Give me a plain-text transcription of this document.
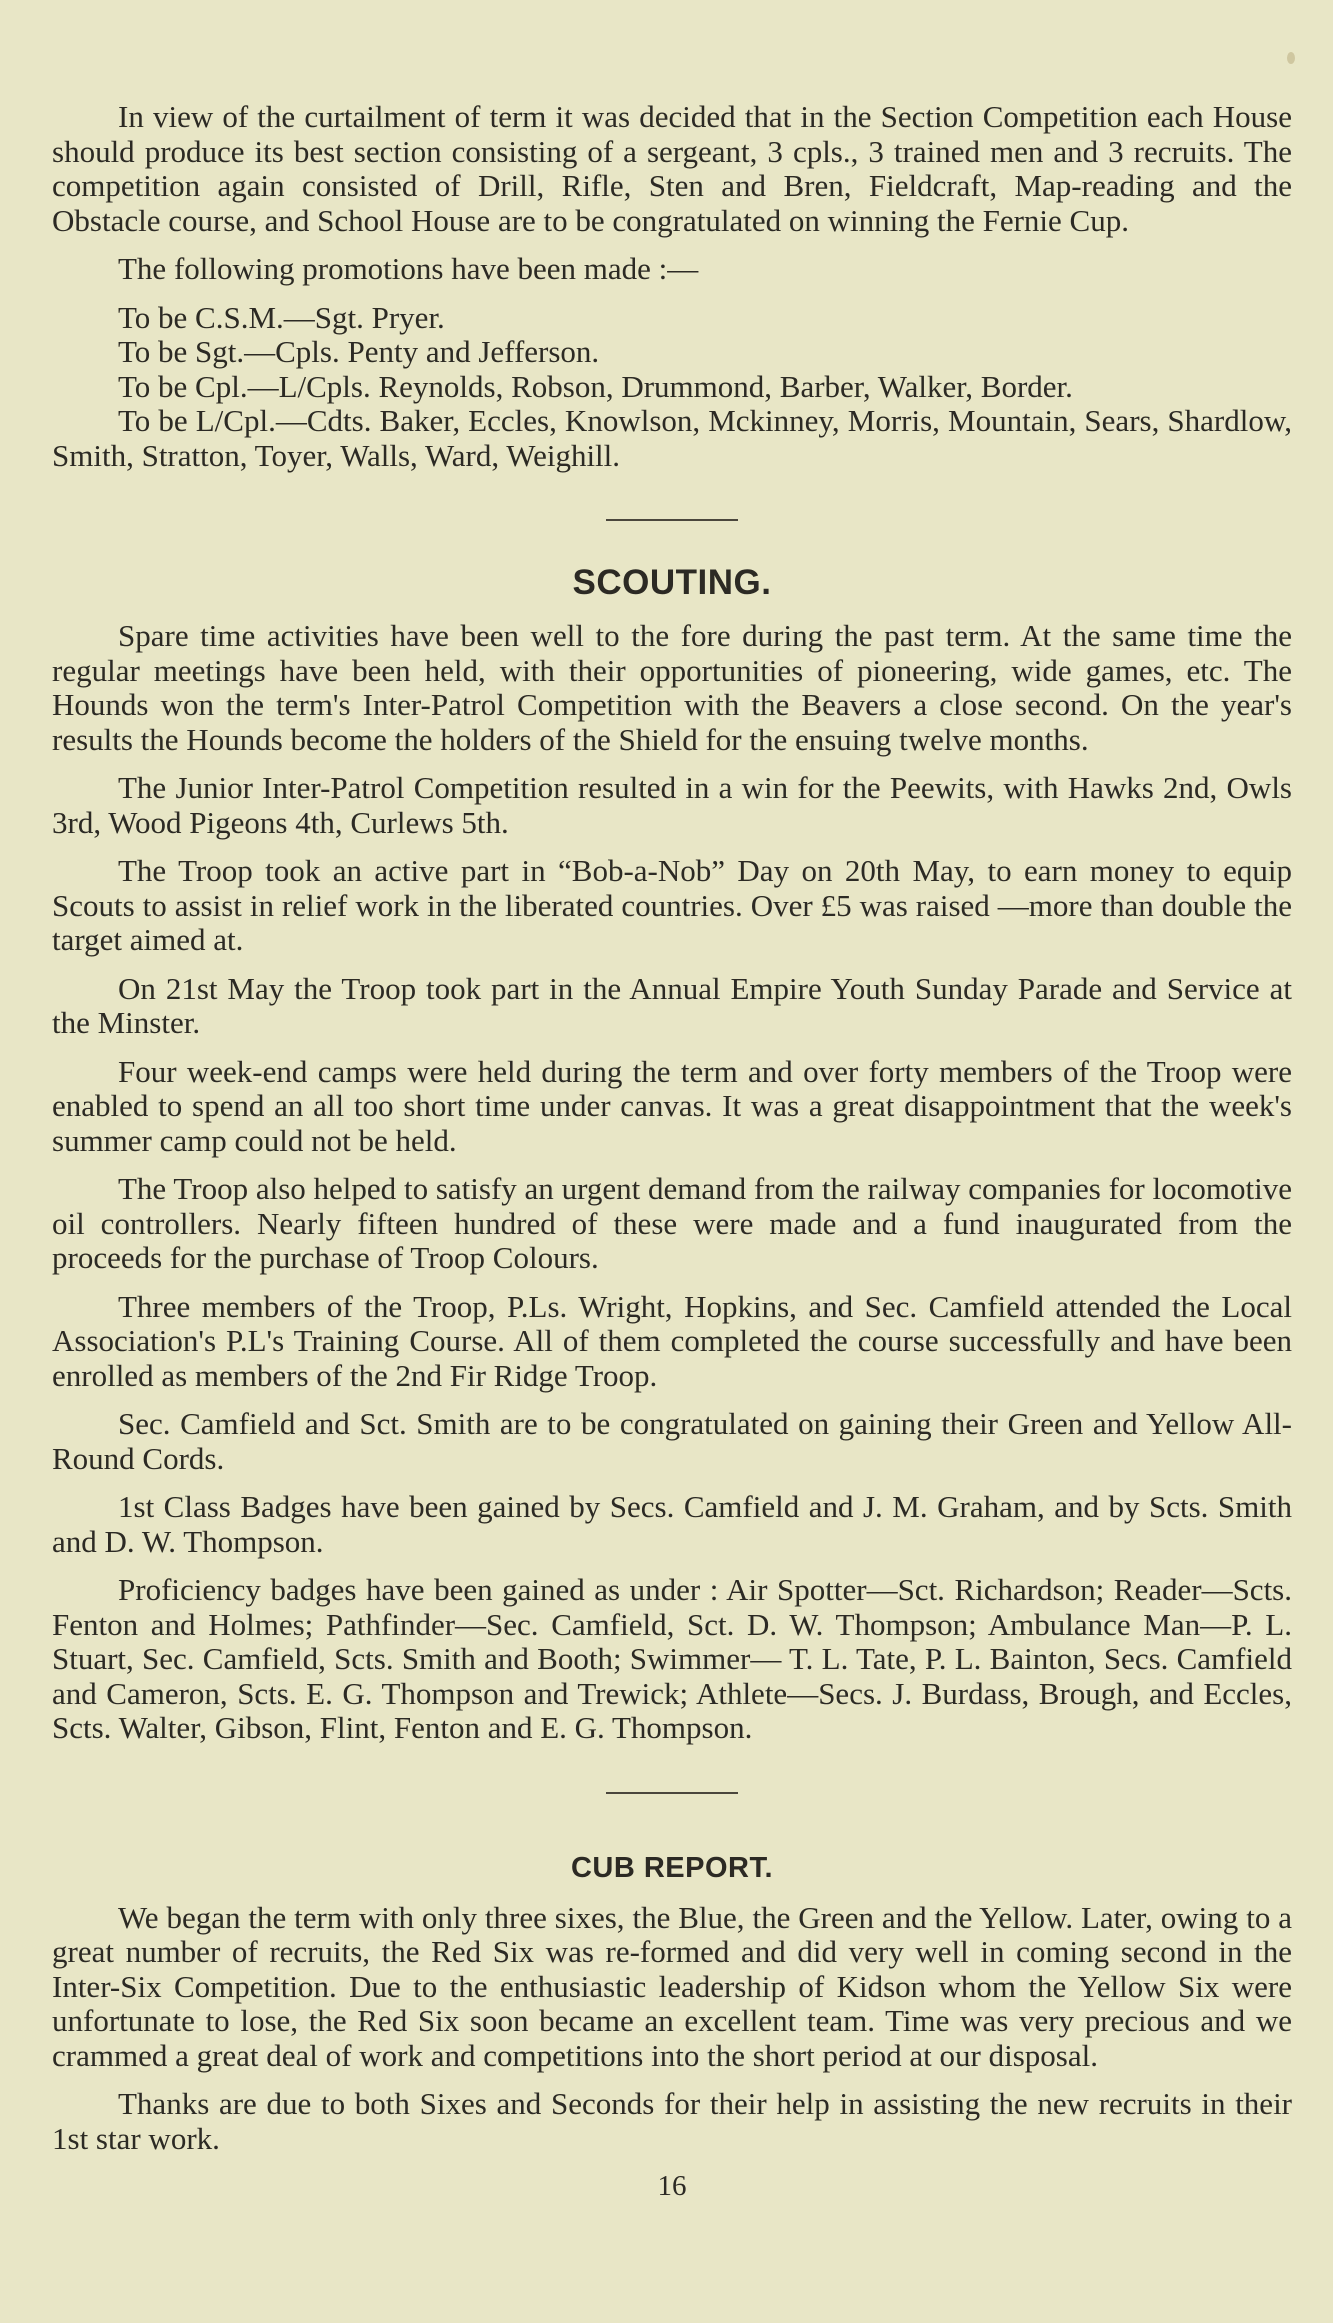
In view of the curtailment of term it was decided that in the Section Competition each House should produce its best section consisting of a sergeant, 3 cpls., 3 trained men and 3 recruits. The competition again consisted of Drill, Rifle, Sten and Bren, Fieldcraft, Map-reading and the Obstacle course, and School House are to be congratulated on winning the Fernie Cup.

The following promotions have been made :—

To be C.S.M.—Sgt. Pryer.

To be Sgt.—Cpls. Penty and Jefferson.

To be Cpl.—L/Cpls. Reynolds, Robson, Drummond, Barber, Walker, Border.

To be L/Cpl.—Cdts. Baker, Eccles, Knowlson, Mckinney, Morris, Mountain, Sears, Shardlow, Smith, Stratton, Toyer, Walls, Ward, Weighill.

SCOUTING.

Spare time activities have been well to the fore during the past term. At the same time the regular meetings have been held, with their opportunities of pioneering, wide games, etc. The Hounds won the term's Inter-Patrol Competition with the Beavers a close second. On the year's results the Hounds become the holders of the Shield for the ensuing twelve months.

The Junior Inter-Patrol Competition resulted in a win for the Peewits, with Hawks 2nd, Owls 3rd, Wood Pigeons 4th, Curlews 5th.

The Troop took an active part in “Bob-a-Nob” Day on 20th May, to earn money to equip Scouts to assist in relief work in the liberated countries. Over £5 was raised —more than double the target aimed at.

On 21st May the Troop took part in the Annual Empire Youth Sunday Parade and Service at the Minster.

Four week-end camps were held during the term and over forty members of the Troop were enabled to spend an all too short time under canvas. It was a great disappointment that the week's summer camp could not be held.

The Troop also helped to satisfy an urgent demand from the railway companies for locomotive oil controllers. Nearly fifteen hundred of these were made and a fund inaugurated from the proceeds for the purchase of Troop Colours.

Three members of the Troop, P.Ls. Wright, Hopkins, and Sec. Camfield attended the Local Association's P.L's Training Course. All of them completed the course successfully and have been enrolled as members of the 2nd Fir Ridge Troop.

Sec. Camfield and Sct. Smith are to be congratulated on gaining their Green and Yellow All-Round Cords.

1st Class Badges have been gained by Secs. Camfield and J. M. Graham, and by Scts. Smith and D. W. Thompson.

Proficiency badges have been gained as under : Air Spotter—Sct. Richardson; Reader—Scts. Fenton and Holmes; Pathfinder—Sec. Camfield, Sct. D. W. Thompson; Ambulance Man—P. L. Stuart, Sec. Camfield, Scts. Smith and Booth; Swimmer— T. L. Tate, P. L. Bainton, Secs. Camfield and Cameron, Scts. E. G. Thompson and Trewick; Athlete—Secs. J. Burdass, Brough, and Eccles, Scts. Walter, Gibson, Flint, Fenton and E. G. Thompson.

CUB REPORT.

We began the term with only three sixes, the Blue, the Green and the Yellow. Later, owing to a great number of recruits, the Red Six was re-formed and did very well in coming second in the Inter-Six Competition. Due to the enthusiastic leadership of Kidson whom the Yellow Six were unfortunate to lose, the Red Six soon became an excellent team. Time was very precious and we crammed a great deal of work and competitions into the short period at our disposal.

Thanks are due to both Sixes and Seconds for their help in assisting the new recruits in their 1st star work.

16
